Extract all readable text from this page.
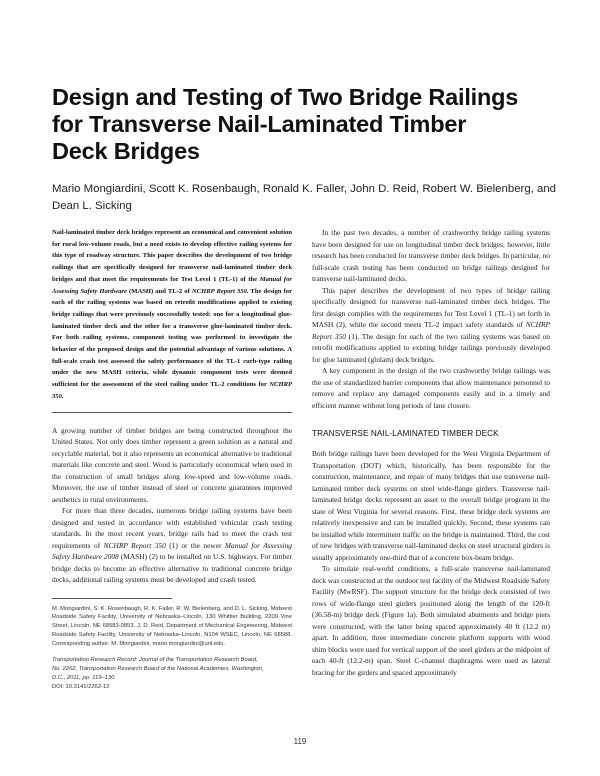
Design and Testing of Two Bridge Railings for Transverse Nail-Laminated Timber Deck Bridges

Mario Mongiardini, Scott K. Rosenbaugh, Ronald K. Faller, John D. Reid, Robert W. Bielenberg, and Dean L. Sicking

Nail-laminated timber deck bridges represent an economical and convenient solution for rural low-volume roads, but a need exists to develop effective railing systems for this type of roadway structure. This paper describes the development of two bridge railings that are specifically designed for transverse nail-laminated timber deck bridges and that meet the requirements for Test Level 1 (TL-1) of the Manual for Assessing Safety Hardware (MASH) and TL-2 of NCHRP Report 350. The design for each of the railing systems was based on retrofit modifications applied to existing bridge railings that were previously successfully tested: one for a longitudinal glue-laminated timber deck and the other for a transverse glue-laminated timber deck. For both railing systems, component testing was performed to investigate the behavior of the proposed design and the potential advantage of various solutions. A full-scale crash test assessed the safety performance of the TL-1 curb-type railing under the new MASH criteria, while dynamic component tests were deemed sufficient for the assessment of the steel railing under TL-2 conditions for NCHRP 350.

A growing number of timber bridges are being constructed throughout the United States. Not only does timber represent a green solution as a natural and recyclable material, but it also represents an economical alternative to traditional materials like concrete and steel. Wood is particularly economical when used in the construction of small bridges along low-speed and low-volume roads. Moreover, the use of timber instead of steel or concrete guarantees improved aesthetics in rural environments.

For more than three decades, numerous bridge railing systems have been designed and tested in accordance with established vehicular crash testing standards. In the most recent years, bridge rails had to meet the crash test requirements of NCHRP Report 350 (1) or the newer Manual for Assessing Safety Hardware 2008 (MASH) (2) to be installed on U.S. highways. For timber bridge decks to become an effective alternative to traditional concrete bridge decks, additional railing systems must be developed and crash tested.

M. Mongiardini, S. K. Rosenbaugh, R. K. Faller, R. W. Bielenberg, and D. L. Sicking, Midwest Roadside Safety Facility, University of Nebraska–Lincoln, 130 Whittier Building, 2200 Vine Street, Lincoln, NE 68583-0853. J. D. Reid, Department of Mechanical Engineering, Midwest Roadside Safety Facility, University of Nebraska–Lincoln, N104 WSEC, Lincoln, NE 68588. Corresponding author: M. Mongiardini, mario.mongiardini@unl.edu.

Transportation Research Record: Journal of the Transportation Research Board,
No. 2262, Transportation Research Board of the National Academies, Washington,
D.C., 2011, pp. 119–130.
DOI: 10.3141/2262-12

In the past two decades, a number of crashworthy bridge railing systems have been designed for use on longitudinal timber deck bridges; however, little research has been conducted for transverse timber deck bridges. In particular, no full-scale crash testing has been conducted on bridge railings designed for transverse nail-laminated decks.

This paper describes the development of two types of bridge railing specifically designed for transverse nail-laminated timber deck bridges. The first design complies with the requirements for Test Level 1 (TL-1) set forth in MASH (2), while the second meets TL-2 impact safety standards of NCHRP Report 350 (1). The design for each of the two railing systems was based on retrofit modifications applied to existing bridge railings previously developed for glue laminated (glulam) deck bridges.

A key component in the design of the two crashworthy bridge railings was the use of standardized barrier components that allow maintenance personnel to remove and replace any damaged components easily and in a timely and efficient manner without long periods of lane closure.

TRANSVERSE NAIL-LAMINATED TIMBER DECK

Both bridge railings have been developed for the West Virginia Department of Transportation (DOT) which, historically, has been responsible for the construction, maintenance, and repair of many bridges that use transverse nail-laminated timber deck systems on steel wide-flange girders. Transverse nail-laminated bridge decks represent an asset to the overall bridge program in the state of West Virginia for several reasons. First, these bridge deck systems are relatively inexpensive and can be installed quickly. Second, these systems can be installed while intermittent traffic on the bridge is maintained. Third, the cost of new bridges with transverse nail-laminated decks on steel structural girders is usually approximately one-third that of a concrete box-beam bridge.

To simulate real-world conditions, a full-scale transverse nail-laminated deck was constructed at the outdoor test facility of the Midwest Roadside Safety Facility (MwRSF). The support structure for the bridge deck consisted of two rows of wide-flange steel girders positioned along the length of the 120-ft (36.58-m) bridge deck (Figure 1a). Both simulated abutments and bridge piers were constructed, with the latter being spaced approximately 40 ft (12.2 m) apart. In addition, three intermediate concrete platform supports with wood shim blocks were used for vertical support of the steel girders at the midpoint of each 40-ft (12.2-m) span. Steel C-channel diaphragms were used as lateral bracing for the girders and spaced approximately

119
